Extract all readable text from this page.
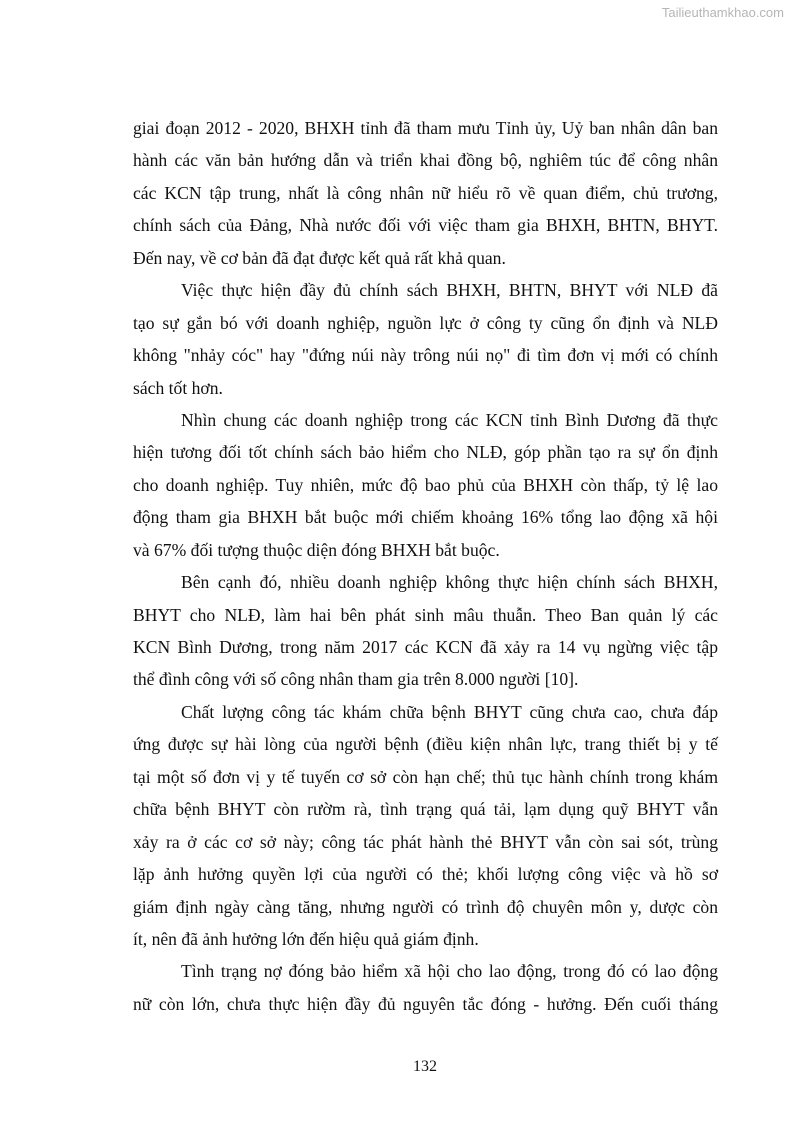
Tailieuthamkhao.com
giai đoạn 2012 - 2020, BHXH tỉnh đã tham mưu Tỉnh ủy, Uỷ ban nhân dân ban
hành các văn bản hướng dẫn và triển khai đồng bộ, nghiêm túc để công nhân
các KCN tập trung, nhất là công nhân nữ hiểu rõ về quan điểm, chủ trương,
chính sách của Đảng, Nhà nước đối với việc tham gia BHXH, BHTN, BHYT.
Đến nay, về cơ bản đã đạt được kết quả rất khả quan.
Việc thực hiện đầy đủ chính sách BHXH, BHTN, BHYT với NLĐ đã
tạo sự gắn bó với doanh nghiệp, nguồn lực ở công ty cũng ổn định và NLĐ
không "nhảy cóc" hay "đứng núi này trông núi nọ" đi tìm đơn vị mới có chính
sách tốt hơn.
Nhìn chung các doanh nghiệp trong các KCN tỉnh Bình Dương đã thực
hiện tương đối tốt chính sách bảo hiểm cho NLĐ, góp phần tạo ra sự ổn định
cho doanh nghiệp. Tuy nhiên, mức độ bao phủ của BHXH còn thấp, tỷ lệ lao
động tham gia BHXH bắt buộc mới chiếm khoảng 16% tổng lao động xã hội
và 67% đối tượng thuộc diện đóng BHXH bắt buộc.
Bên cạnh đó, nhiều doanh nghiệp không thực hiện chính sách BHXH,
BHYT cho NLĐ, làm hai bên phát sinh mâu thuẫn. Theo Ban quản lý các
KCN Bình Dương, trong năm 2017 các KCN đã xảy ra 14 vụ ngừng việc tập
thể đình công với số công nhân tham gia trên 8.000 người [10].
Chất lượng công tác khám chữa bệnh BHYT cũng chưa cao, chưa đáp
ứng được sự hài lòng của người bệnh (điều kiện nhân lực, trang thiết bị y tế
tại một số đơn vị y tế tuyến cơ sở còn hạn chế; thủ tục hành chính trong khám
chữa bệnh BHYT còn rườm rà, tình trạng quá tải, lạm dụng quỹ BHYT vẫn
xảy ra ở các cơ sở này; công tác phát hành thẻ BHYT vẫn còn sai sót, trùng
lặp ảnh hưởng quyền lợi của người có thẻ; khối lượng công việc và hồ sơ
giám định ngày càng tăng, nhưng người có trình độ chuyên môn y, dược còn
ít, nên đã ảnh hưởng lớn đến hiệu quả giám định.
Tình trạng nợ đóng bảo hiểm xã hội cho lao động, trong đó có lao động
nữ còn lớn, chưa thực hiện đầy đủ nguyên tắc đóng - hưởng. Đến cuối tháng
132
